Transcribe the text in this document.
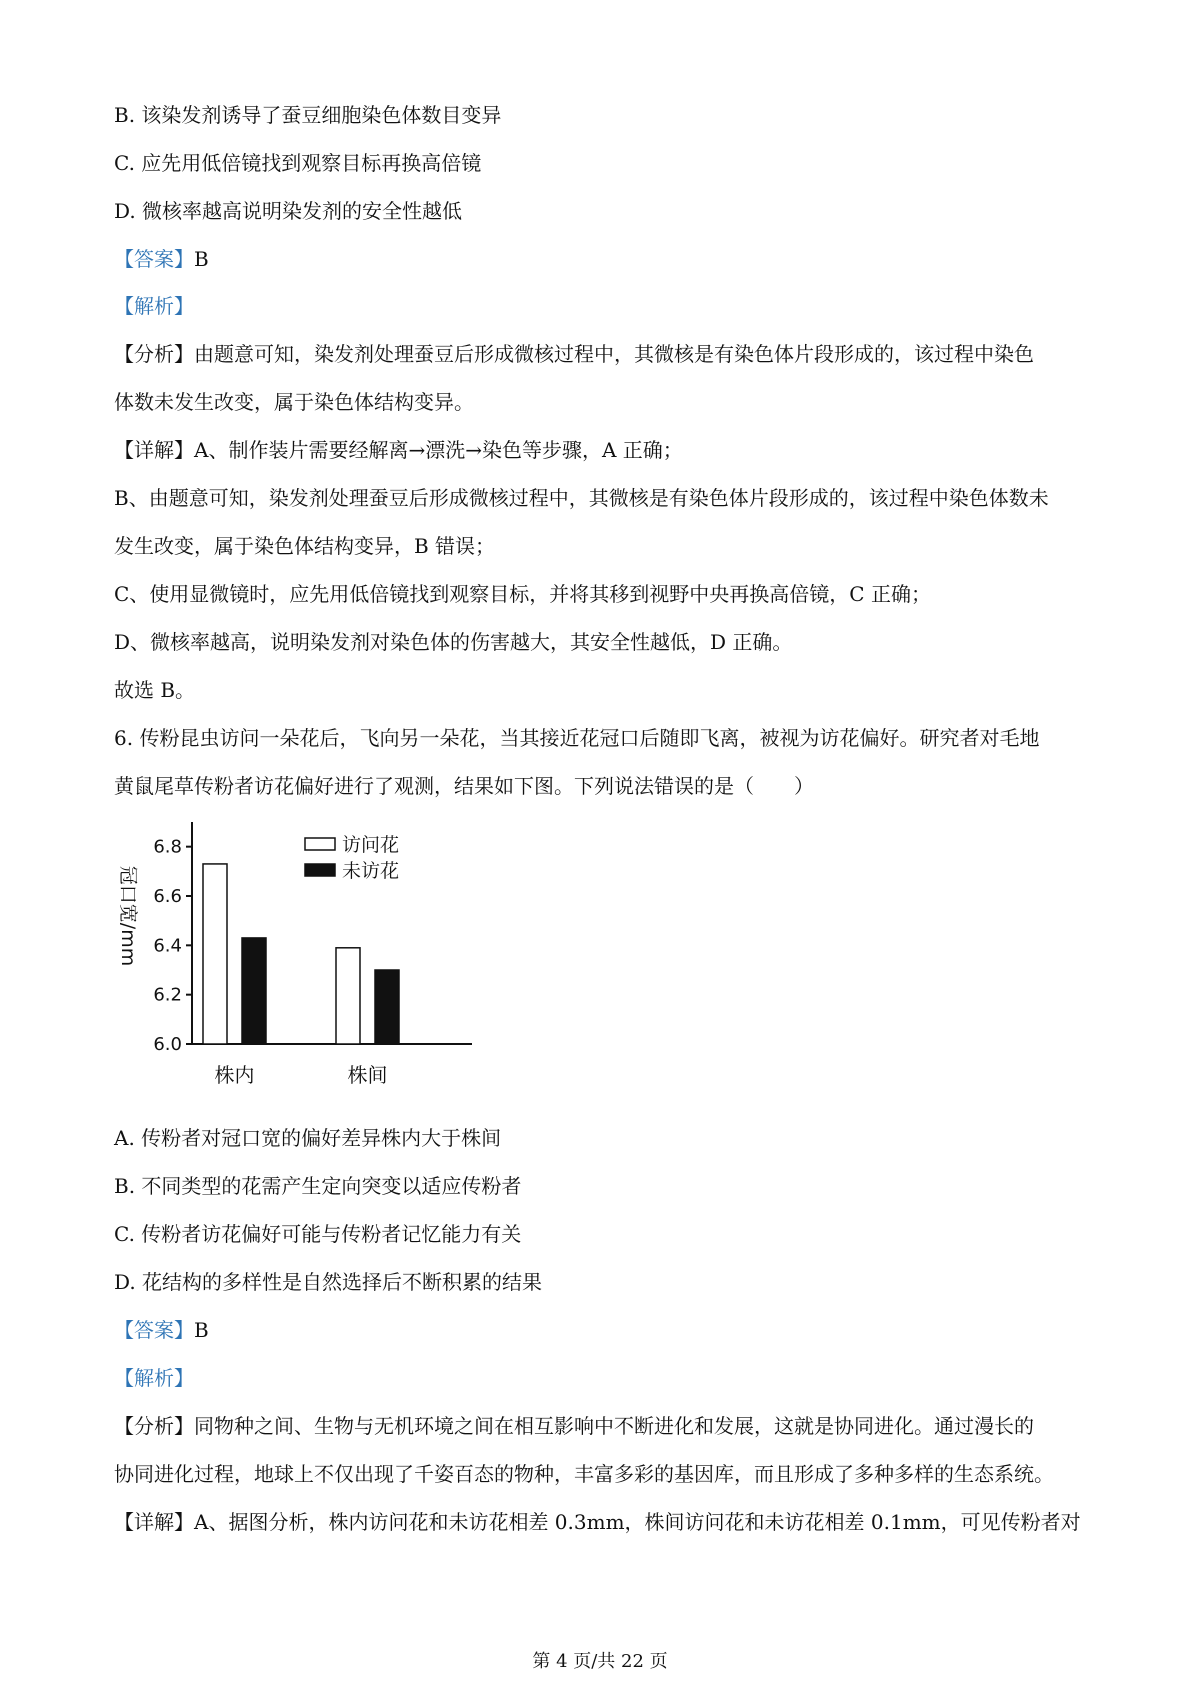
B. 该染发剂诱导了蚕豆细胞染色体数目变异
C. 应先用低倍镜找到观察目标再换高倍镜
D. 微核率越高说明染发剂的安全性越低
【答案】B
【解析】
【分析】由题意可知，染发剂处理蚕豆后形成微核过程中，其微核是有染色体片段形成的，该过程中染色
体数未发生改变，属于染色体结构变异。
【详解】A、制作装片需要经解离→漂洗→染色等步骤，A 正确；
B、由题意可知，染发剂处理蚕豆后形成微核过程中，其微核是有染色体片段形成的，该过程中染色体数未
发生改变，属于染色体结构变异，B 错误；
C、使用显微镜时，应先用低倍镜找到观察目标，并将其移到视野中央再换高倍镜，C 正确；
D、微核率越高，说明染发剂对染色体的伤害越大，其安全性越低，D 正确。
故选 B。
6. 传粉昆虫访问一朵花后，飞向另一朵花，当其接近花冠口后随即飞离，被视为访花偏好。研究者对毛地
黄鼠尾草传粉者访花偏好进行了观测，结果如下图。下列说法错误的是（　　）
冠口宽/mm
6.0
6.2
6.4
6.6
6.8
株内	株间
访问花
未访花
A. 传粉者对冠口宽的偏好差异株内大于株间
B. 不同类型的花需产生定向突变以适应传粉者
C. 传粉者访花偏好可能与传粉者记忆能力有关
D. 花结构的多样性是自然选择后不断积累的结果
【答案】B
【解析】
【分析】同物种之间、生物与无机环境之间在相互影响中不断进化和发展，这就是协同进化。通过漫长的
协同进化过程，地球上不仅出现了千姿百态的物种，丰富多彩的基因库，而且形成了多种多样的生态系统。
【详解】A、据图分析，株内访问花和未访花相差 0.3mm，株间访问花和未访花相差 0.1mm，可见传粉者对
第 4 页/共 22 页
